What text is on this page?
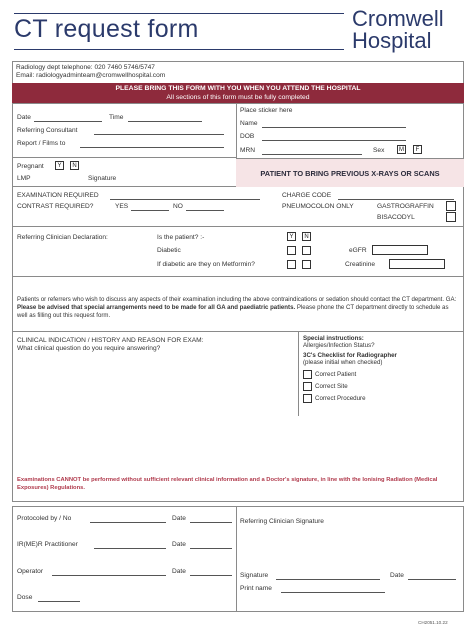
CT request form	Cromwell
Hospital
Radiology dept telephone: 020 7460 5746/5747
Email: radiologyadminteam@cromwellhospital.com
PLEASE BRING THIS FORM WITH YOU WHEN YOU ATTEND THE HOSPITAL
All sections of this form must be fully completed
Date	Time
Referring Consultant
Report / Films to
Place sticker here
Name
DOB
MRN	Sex	M	F
Pregnant	Y	N
LMP	Signature
PATIENT TO BRING PREVIOUS X-RAYS OR SCANS
EXAMINATION REQUIRED	CHARGE CODE
CONTRAST REQUIRED?	YES	NO	PNEUMOCOLON ONLY	GASTROGRAFFIN
BISACODYL
Referring Clinician Declaration:	Is the patient? :-	Y	N
Diabetic	eGFR
If diabetic are they on Metformin?	Creatinine
Patients or referrers who wish to discuss any aspects of their examination including the above contraindications or sedation should contact the CT department. GA: Please be advised that special arrangements need to be made for all GA and paediatric patients. Please phone the CT department directly to schedule as well as filling out this request form.
CLINICAL INDICATION / HISTORY AND REASON FOR EXAM:
What clinical question do you require answering?
Special instructions:
Allergies/Infection Status?
3C's Checklist for Radiographer
(please initial when checked)
Correct Patient
Correct Site
Correct Procedure
Examinations CANNOT be performed without sufficient relevant clinical information and a Doctor's signature, in line with the Ionising Radiation (Medical
Exposures) Regulations.
Protocoled by / No	Date
IR(ME)R Practitioner	Date
Operator	Date
Dose
Referring Clinician Signature
Signature	Date
Print name
CH2051.10.22
